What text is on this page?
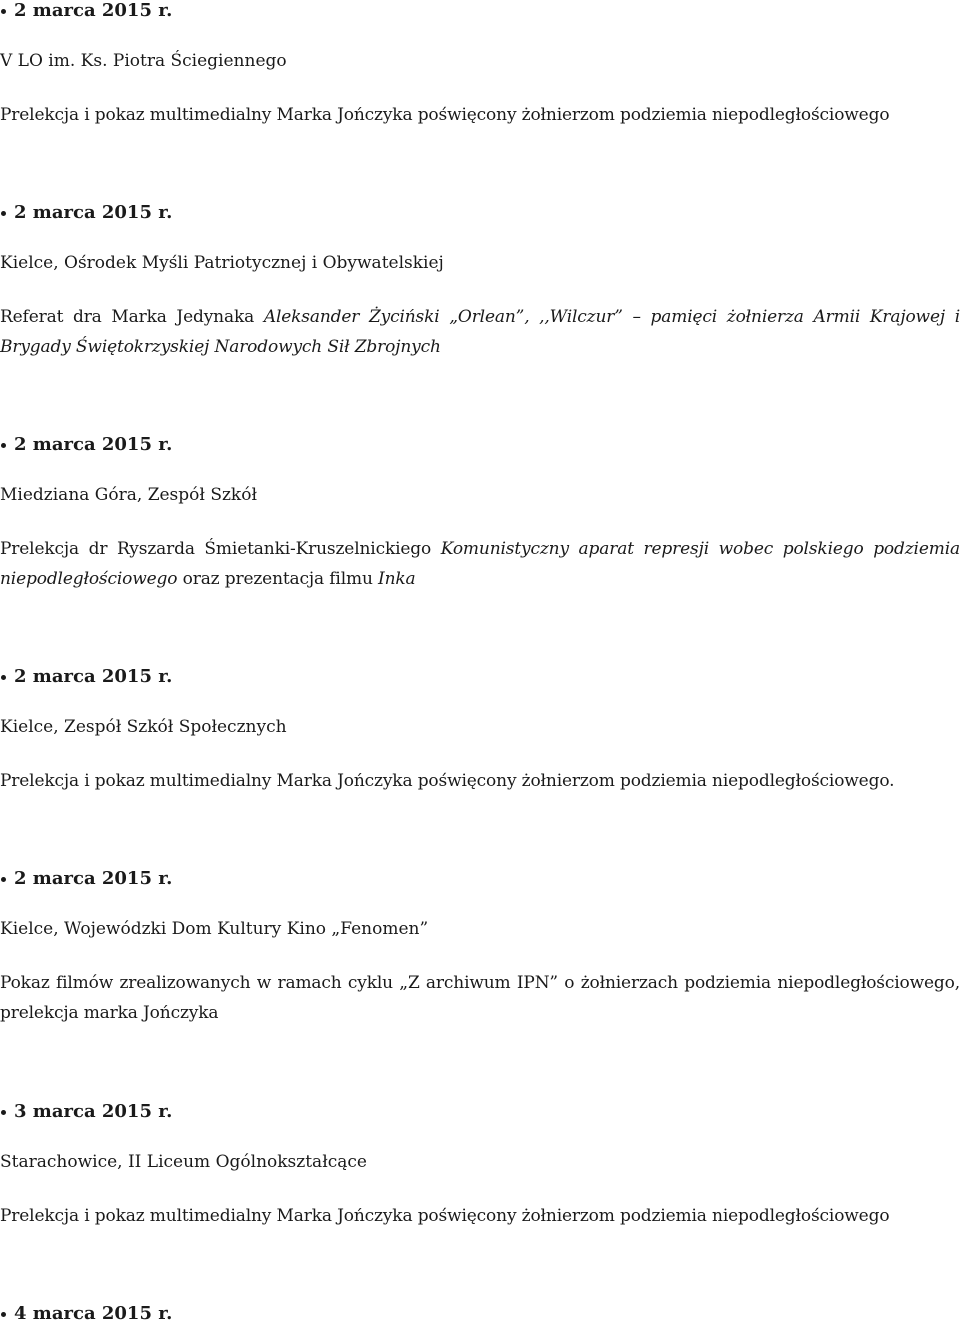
2 marca 2015 r.

V LO im. Ks. Piotra Ściegiennego

Prelekcja i pokaz multimedialny Marka Jończyka poświęcony żołnierzom podziemia niepodległościowego

2 marca 2015 r.

Kielce, Ośrodek Myśli Patriotycznej i Obywatelskiej

Referat dra Marka Jedynaka Aleksander Życiński „Orlean”, ,,Wilczur” – pamięci żołnierza Armii Krajowej i
Brygady Świętokrzyskiej Narodowych Sił Zbrojnych

2 marca 2015 r.

Miedziana Góra, Zespół Szkół

Prelekcja dr Ryszarda Śmietanki-Kruszelnickiego Komunistyczny aparat represji wobec polskiego podziemia
niepodległościowego oraz prezentacja filmu Inka

2 marca 2015 r.

Kielce, Zespół Szkół Społecznych

Prelekcja i pokaz multimedialny Marka Jończyka poświęcony żołnierzom podziemia niepodległościowego.

2 marca 2015 r.

Kielce, Wojewódzki Dom Kultury Kino „Fenomen”

Pokaz filmów zrealizowanych w ramach cyklu „Z archiwum IPN” o żołnierzach podziemia niepodległościowego,
prelekcja marka Jończyka

3 marca 2015 r.

Starachowice, II Liceum Ogólnokształcące

Prelekcja i pokaz multimedialny Marka Jończyka poświęcony żołnierzom podziemia niepodległościowego

4 marca 2015 r.
